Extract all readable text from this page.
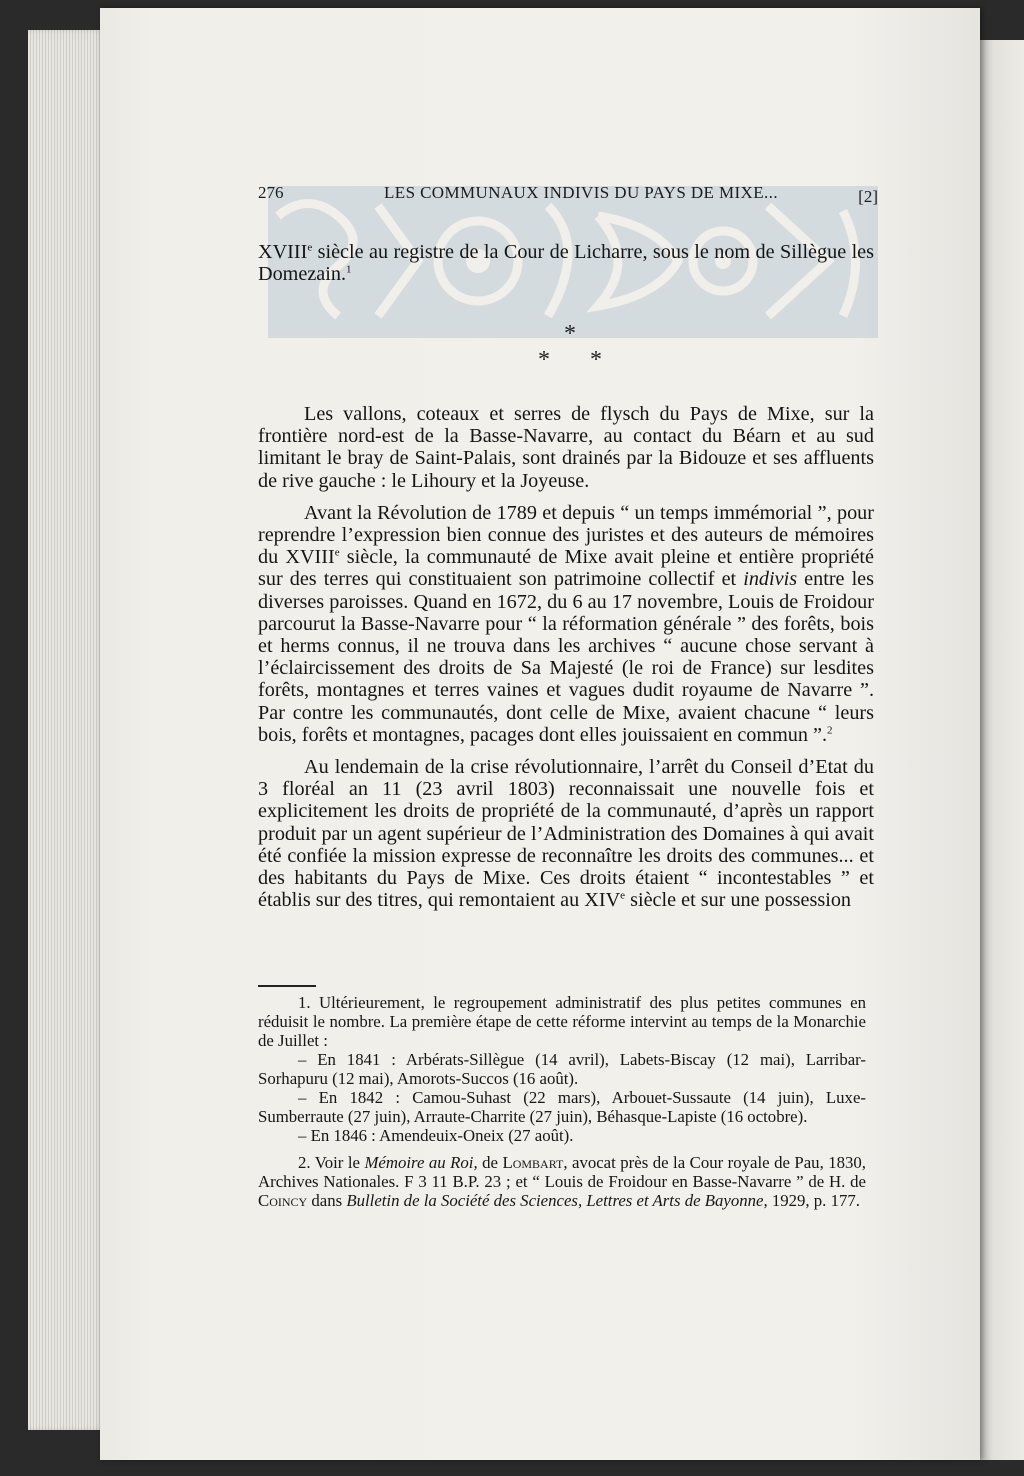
276	LES COMMUNAUX INDIVIS DU PAYS DE MIXE...	[2]

XVIIIe siècle au registre de la Cour de Licharre, sous le nom de Sillègue les Domezain.$^1$

*
* *

Les vallons, coteaux et serres de flysch du Pays de Mixe, sur la frontière nord-est de la Basse-Navarre, au contact du Béarn et au sud limitant le bray de Saint-Palais, sont drainés par la Bidouze et ses affluents de rive gauche : le Lihoury et la Joyeuse.

Avant la Révolution de 1789 et depuis “ un temps immémorial ”, pour reprendre l’expression bien connue des juristes et des auteurs de mémoires du XVIIIe siècle, la communauté de Mixe avait pleine et entière propriété sur des terres qui constituaient son patrimoine collectif et indivis entre les diverses paroisses. Quand en 1672, du 6 au 17 novembre, Louis de Froidour parcourut la Basse-Navarre pour “ la réformation générale ” des forêts, bois et herms connus, il ne trouva dans les archives “ aucune chose servant à l’éclaircissement des droits de Sa Majesté (le roi de France) sur lesdites forêts, montagnes et terres vaines et vagues dudit royaume de Navarre ”. Par contre les communautés, dont celle de Mixe, avaient chacune “ leurs bois, forêts et montagnes, pacages dont elles jouissaient en commun ”.$^2$

Au lendemain de la crise révolutionnaire, l’arrêt du Conseil d’Etat du 3 floréal an 11 (23 avril 1803) reconnaissait une nouvelle fois et explicitement les droits de propriété de la communauté, d’après un rapport produit par un agent supérieur de l’Administration des Domaines à qui avait été confiée la mission expresse de reconnaître les droits des communes... et des habitants du Pays de Mixe. Ces droits étaient “ incontestables ” et établis sur des titres, qui remontaient au XIVe siècle et sur une possession

1. Ultérieurement, le regroupement administratif des plus petites communes en réduisit le nombre. La première étape de cette réforme intervint au temps de la Monarchie de Juillet :

– En 1841 : Arbérats-Sillègue (14 avril), Labets-Biscay (12 mai), Larribar-Sorhapuru (12 mai), Amorots-Succos (16 août).

– En 1842 : Camou-Suhast (22 mars), Arbouet-Sussaute (14 juin), Luxe-Sumberraute (27 juin), Arraute-Charrite (27 juin), Béhasque-Lapiste (16 octobre).

– En 1846 : Amendeuix-Oneix (27 août).

2. Voir le Mémoire au Roi, de Lombart, avocat près de la Cour royale de Pau, 1830, Archives Nationales. F 3 11 B.P. 23 ; et “ Louis de Froidour en Basse-Navarre ” de H. de Coincy dans Bulletin de la Société des Sciences, Lettres et Arts de Bayonne, 1929, p. 177.
